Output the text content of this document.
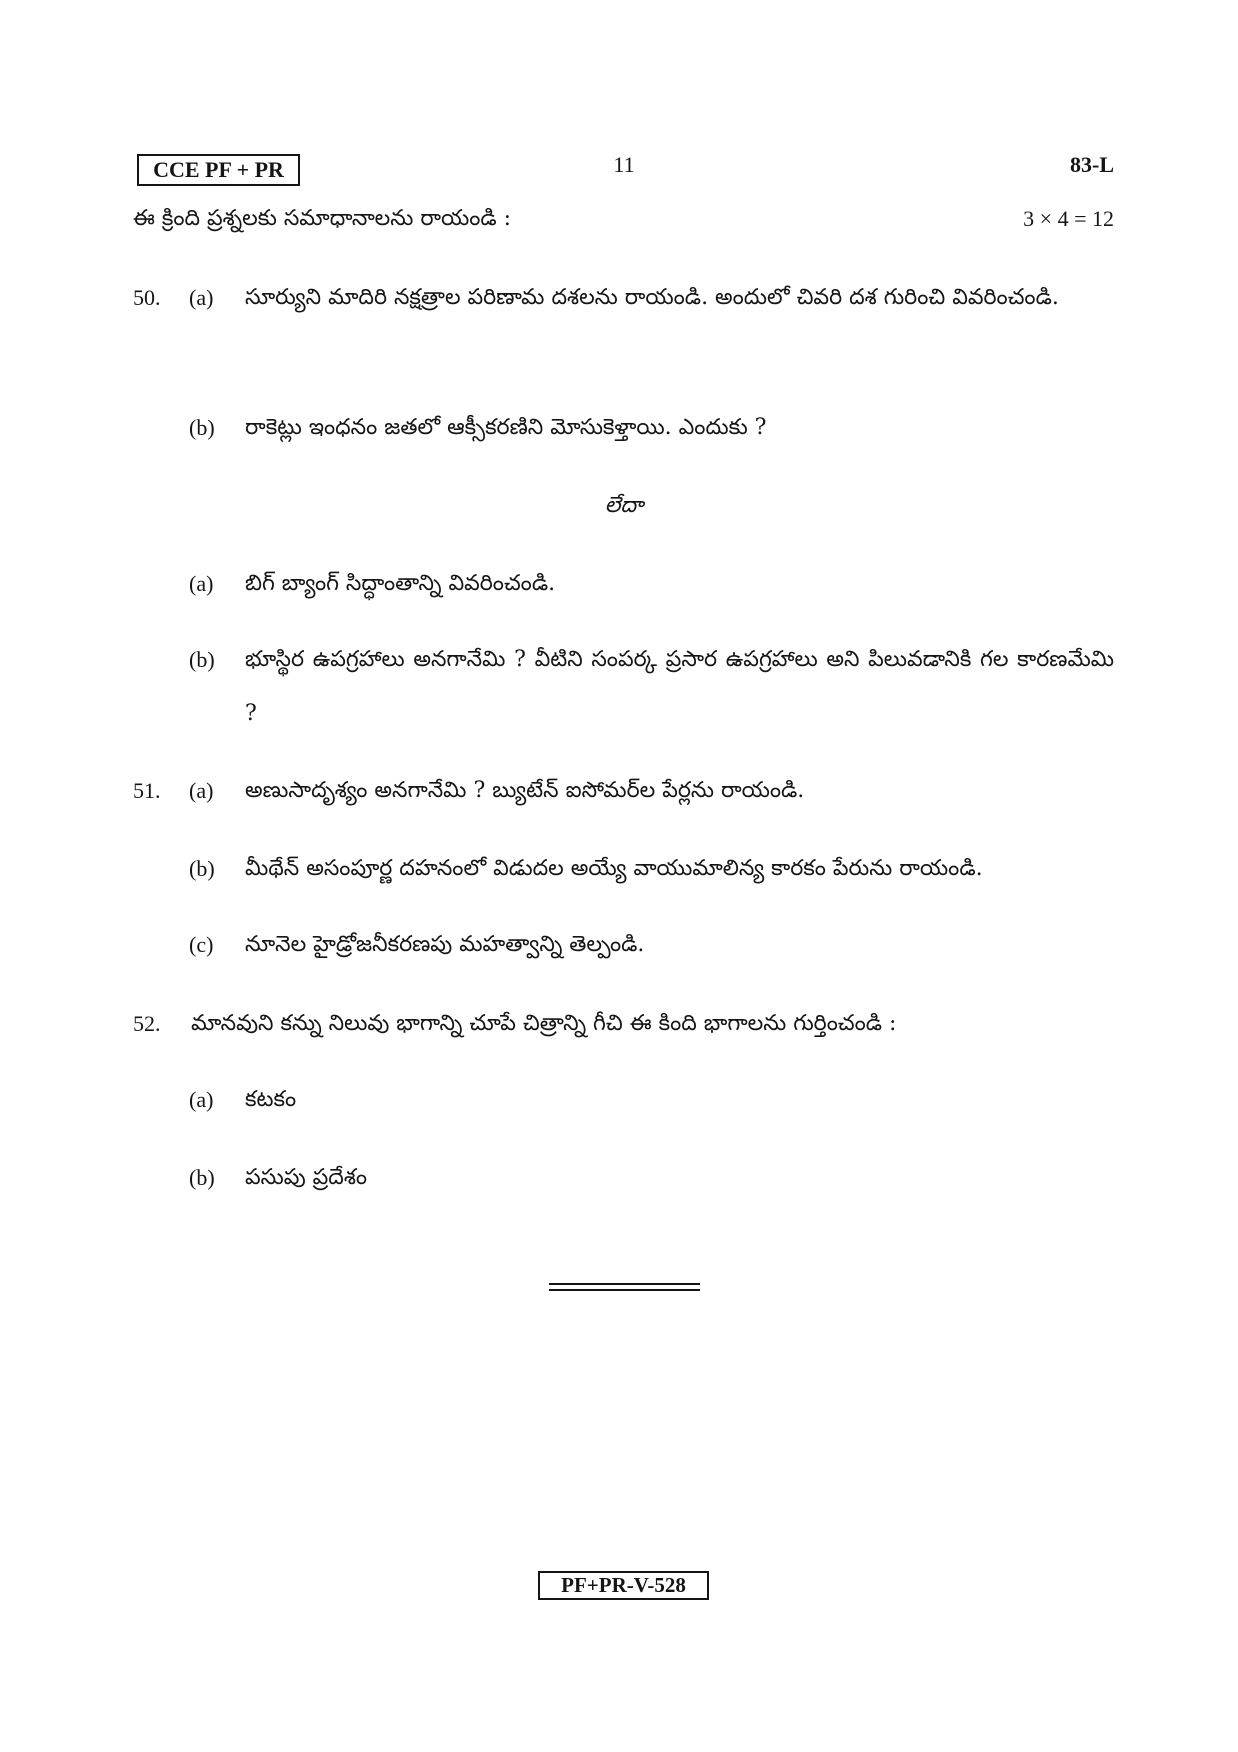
CCE PF + PR	11	83-L
ఈ క్రింది ప్రశ్నలకు సమాధానాలను రాయండి :	3 × 4 = 12
50. (a) సూర్యుని మాదిరి నక్షత్రాల పరిణామ దశలను రాయండి. అందులో చివరి దశ గురించి వివరించండి.
(b) రాకెట్లు ఇంధనం జతలో ఆక్సీకరణిని మోసుకెళ్తాయి. ఎందుకు ?
లేదా
(a) బిగ్ బ్యాంగ్ సిద్ధాంతాన్ని వివరించండి.
(b) భూస్థిర ఉపగ్రహాలు అనగానేమి ? వీటిని సంపర్క ప్రసార ఉపగ్రహాలు అని పిలువడానికి గల కారణమేమి ?
51. (a) అణుసాదృశ్యం అనగానేమి ? బ్యుటేన్ ఐసోమర్‌ల పేర్లను రాయండి.
(b) మీథేన్ అసంపూర్ణ దహనంలో విడుదల అయ్యే వాయుమాలిన్య కారకం పేరును రాయండి.
(c) నూనెల హైడ్రోజనీకరణపు మహత్వాన్ని తెల్పండి.
52. మానవుని కన్ను నిలువు భాగాన్ని చూపే చిత్రాన్ని గీచి ఈ కింది భాగాలను గుర్తించండి :
(a) కటకం
(b) పసుపు ప్రదేశం
PF+PR-V-528
